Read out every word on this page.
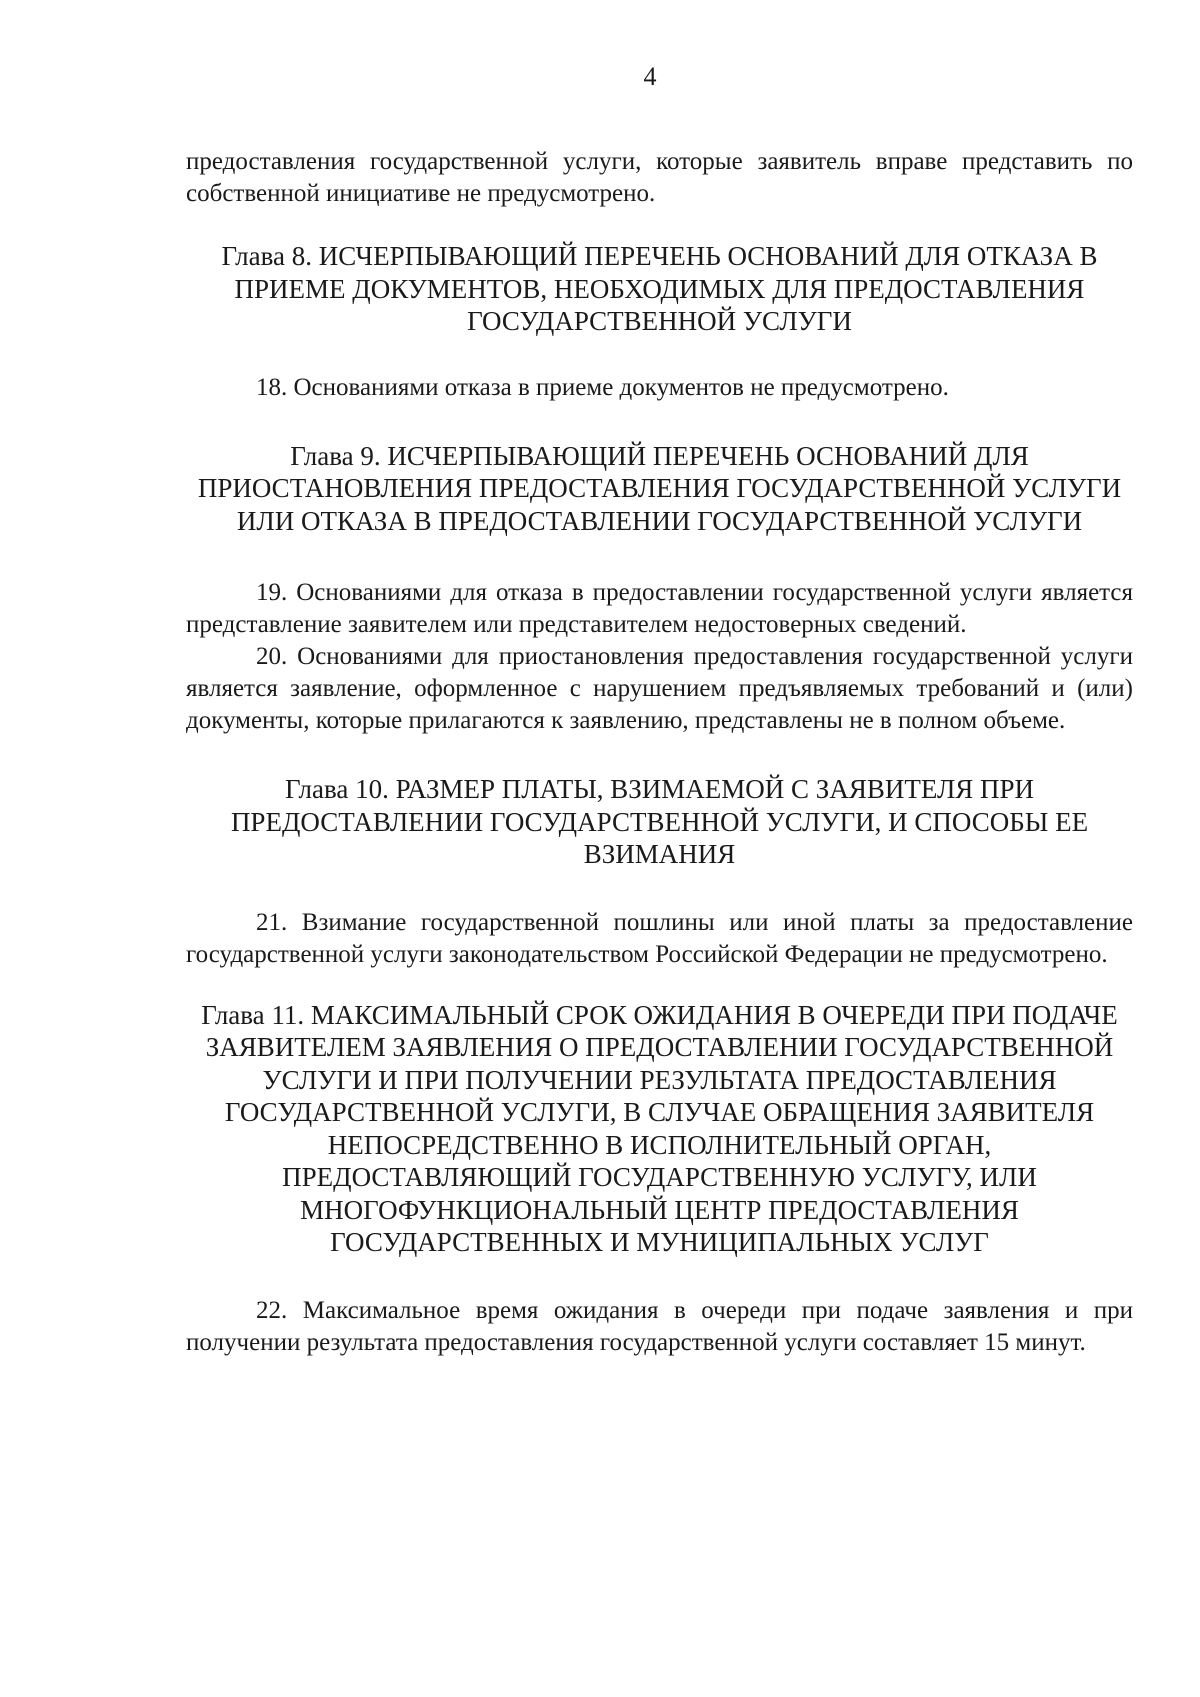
4

предоставления государственной услуги, которые заявитель вправе представить по собственной инициативе не предусмотрено.

Глава 8. ИСЧЕРПЫВАЮЩИЙ ПЕРЕЧЕНЬ ОСНОВАНИЙ ДЛЯ ОТКАЗА В ПРИЕМЕ ДОКУМЕНТОВ, НЕОБХОДИМЫХ ДЛЯ ПРЕДОСТАВЛЕНИЯ ГОСУДАРСТВЕННОЙ УСЛУГИ

18. Основаниями отказа в приеме документов не предусмотрено.

Глава 9. ИСЧЕРПЫВАЮЩИЙ ПЕРЕЧЕНЬ ОСНОВАНИЙ ДЛЯ ПРИОСТАНОВЛЕНИЯ ПРЕДОСТАВЛЕНИЯ ГОСУДАРСТВЕННОЙ УСЛУГИ ИЛИ ОТКАЗА В ПРЕДОСТАВЛЕНИИ ГОСУДАРСТВЕННОЙ УСЛУГИ

19. Основаниями для отказа в предоставлении государственной услуги является представление заявителем или представителем недостоверных сведений.

20. Основаниями для приостановления предоставления государственной услуги является заявление, оформленное с нарушением предъявляемых требований и (или) документы, которые прилагаются к заявлению, представлены не в полном объеме.

Глава 10. РАЗМЕР ПЛАТЫ, ВЗИМАЕМОЙ С ЗАЯВИТЕЛЯ ПРИ ПРЕДОСТАВЛЕНИИ ГОСУДАРСТВЕННОЙ УСЛУГИ, И СПОСОБЫ ЕЕ ВЗИМАНИЯ

21. Взимание государственной пошлины или иной платы за предоставление государственной услуги законодательством Российской Федерации не предусмотрено.

Глава 11. МАКСИМАЛЬНЫЙ СРОК ОЖИДАНИЯ В ОЧЕРЕДИ ПРИ ПОДАЧЕ ЗАЯВИТЕЛЕМ ЗАЯВЛЕНИЯ О ПРЕДОСТАВЛЕНИИ ГОСУДАРСТВЕННОЙ УСЛУГИ И ПРИ ПОЛУЧЕНИИ РЕЗУЛЬТАТА ПРЕДОСТАВЛЕНИЯ ГОСУДАРСТВЕННОЙ УСЛУГИ, В СЛУЧАЕ ОБРАЩЕНИЯ ЗАЯВИТЕЛЯ НЕПОСРЕДСТВЕННО В ИСПОЛНИТЕЛЬНЫЙ ОРГАН, ПРЕДОСТАВЛЯЮЩИЙ ГОСУДАРСТВЕННУЮ УСЛУГУ, ИЛИ МНОГОФУНКЦИОНАЛЬНЫЙ ЦЕНТР ПРЕДОСТАВЛЕНИЯ ГОСУДАРСТВЕННЫХ И МУНИЦИПАЛЬНЫХ УСЛУГ

22. Максимальное время ожидания в очереди при подаче заявления и при получении результата предоставления государственной услуги составляет 15 минут.
